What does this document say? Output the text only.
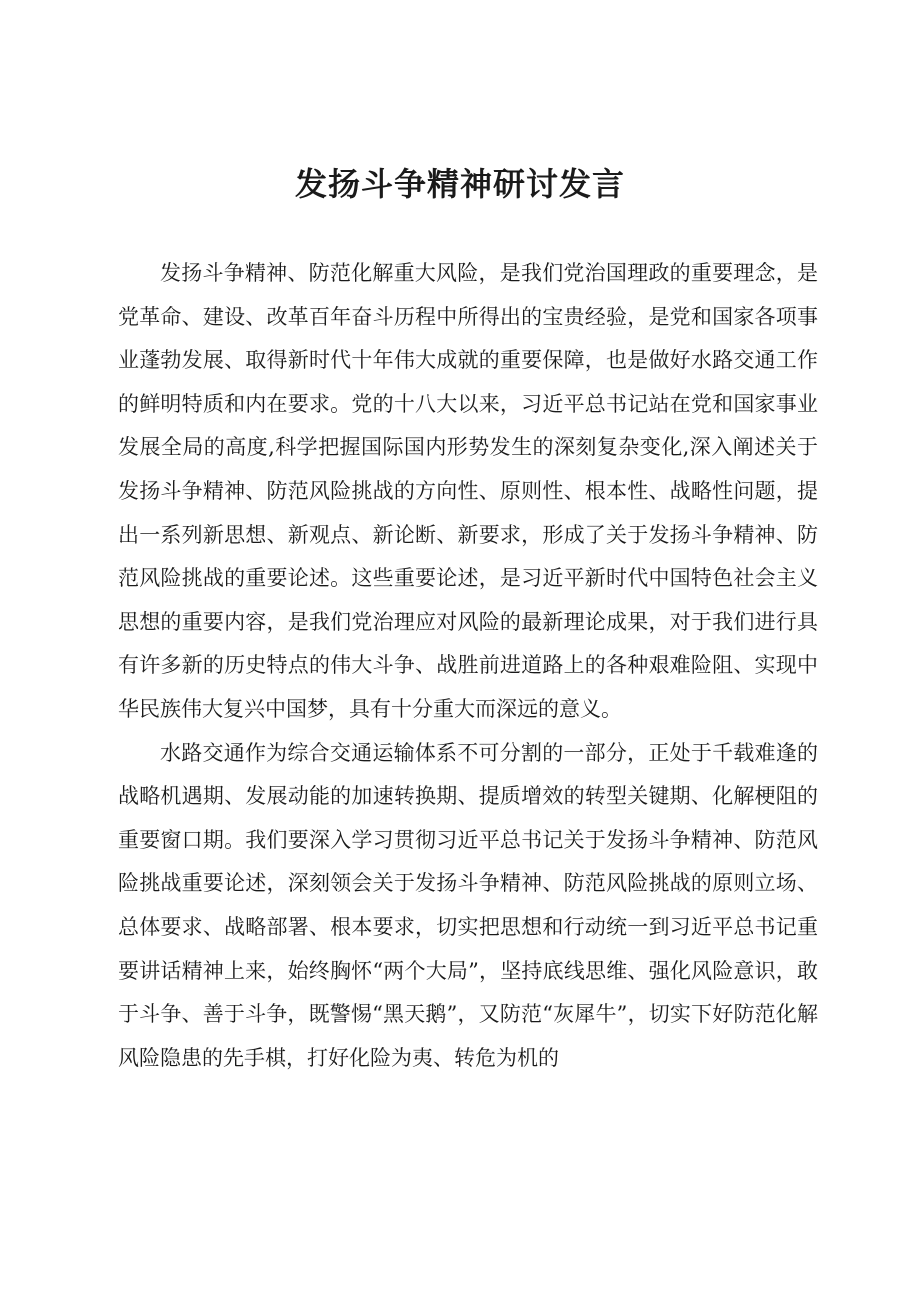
发扬斗争精神研讨发言

发扬斗争精神、防范化解重大风险，是我们党治国理政的重要理念，是党革命、建设、改革百年奋斗历程中所得出的宝贵经验，是党和国家各项事业蓬勃发展、取得新时代十年伟大成就的重要保障，也是做好水路交通工作的鲜明特质和内在要求。党的十八大以来，习近平总书记站在党和国家事业发展全局的高度,科学把握国际国内形势发生的深刻复杂变化,深入阐述关于发扬斗争精神、防范风险挑战的方向性、原则性、根本性、战略性问题，提出一系列新思想、新观点、新论断、新要求，形成了关于发扬斗争精神、防范风险挑战的重要论述。这些重要论述，是习近平新时代中国特色社会主义思想的重要内容，是我们党治理应对风险的最新理论成果，对于我们进行具有许多新的历史特点的伟大斗争、战胜前进道路上的各种艰难险阻、实现中华民族伟大复兴中国梦，具有十分重大而深远的意义。

水路交通作为综合交通运输体系不可分割的一部分，正处于千载难逢的战略机遇期、发展动能的加速转换期、提质增效的转型关键期、化解梗阻的重要窗口期。我们要深入学习贯彻习近平总书记关于发扬斗争精神、防范风险挑战重要论述，深刻领会关于发扬斗争精神、防范风险挑战的原则立场、总体要求、战略部署、根本要求，切实把思想和行动统一到习近平总书记重要讲话精神上来，始终胸怀“两个大局”，坚持底线思维、强化风险意识，敢于斗争、善于斗争，既警惕“黑天鹅”，又防范“灰犀牛”，切实下好防范化解风险隐患的先手棋，打好化险为夷、转危为机的
